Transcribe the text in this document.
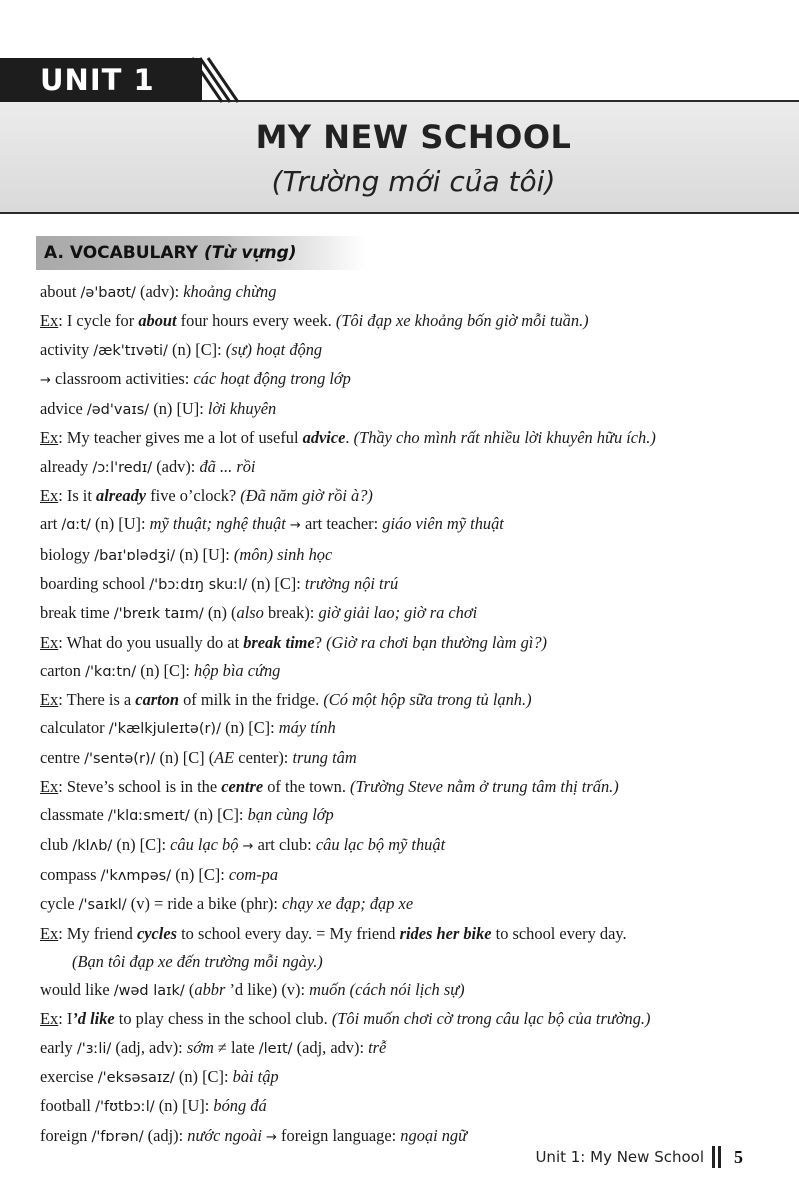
UNIT 1
MY NEW SCHOOL
(Trường mới của tôi)
A. VOCABULARY (Từ vựng)
about /ə'baʊt/ (adv): khoảng chừng
Ex: I cycle for about four hours every week. (Tôi đạp xe khoảng bốn giờ mỗi tuần.)
activity /æk'tɪvəti/ (n) [C]: (sự) hoạt động
→ classroom activities: các hoạt động trong lớp
advice /əd'vaɪs/ (n) [U]: lời khuyên
Ex: My teacher gives me a lot of useful advice. (Thầy cho mình rất nhiều lời khuyên hữu ích.)
already /ɔːl'redɪ/ (adv): đã ... rồi
Ex: Is it already five o’clock? (Đã năm giờ rồi à?)
art /ɑːt/ (n) [U]: mỹ thuật; nghệ thuật → art teacher: giáo viên mỹ thuật
biology /baɪ'ɒlədʒi/ (n) [U]: (môn) sinh học
boarding school /'bɔːdɪŋ skuːl/ (n) [C]: trường nội trú
break time /'breɪk taɪm/ (n) (also break): giờ giải lao; giờ ra chơi
Ex: What do you usually do at break time? (Giờ ra chơi bạn thường làm gì?)
carton /'kɑːtn/ (n) [C]: hộp bìa cứng
Ex: There is a carton of milk in the fridge. (Có một hộp sữa trong tủ lạnh.)
calculator /'kælkjuleɪtə(r)/ (n) [C]: máy tính
centre /'sentə(r)/ (n) [C] (AE center): trung tâm
Ex: Steve’s school is in the centre of the town. (Trường Steve nằm ở trung tâm thị trấn.)
classmate /'klɑːsmeɪt/ (n) [C]: bạn cùng lớp
club /klʌb/ (n) [C]: câu lạc bộ → art club: câu lạc bộ mỹ thuật
compass /'kʌmpəs/ (n) [C]: com-pa
cycle /'saɪkl/ (v) = ride a bike (phr): chạy xe đạp; đạp xe
Ex: My friend cycles to school every day. = My friend rides her bike to school every day.
(Bạn tôi đạp xe đến trường mỗi ngày.)
would like /wəd laɪk/ (abbr ’d like) (v): muốn (cách nói lịch sự)
Ex: I’d like to play chess in the school club. (Tôi muốn chơi cờ trong câu lạc bộ của trường.)
early /'ɜːli/ (adj, adv): sớm ≠ late /leɪt/ (adj, adv): trễ
exercise /'eksəsaɪz/ (n) [C]: bài tập
football /'fʊtbɔːl/ (n) [U]: bóng đá
foreign /'fɒrən/ (adj): nước ngoài → foreign language: ngoại ngữ
Unit 1: My New School 5
